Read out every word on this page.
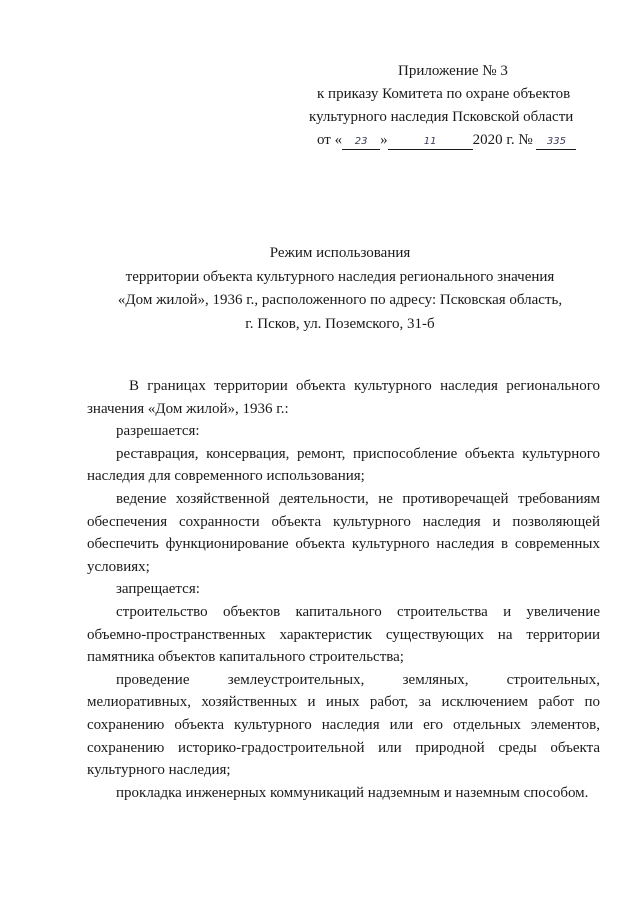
Приложение № 3
к приказу Комитета по охране объектов
культурного наследия Псковской области
от « 23 »	11 2020 г. № 335
Режим использования
территории объекта культурного наследия регионального значения
«Дом жилой», 1936 г., расположенного по адресу: Псковская область,
г. Псков, ул. Поземского, 31-б

В границах территории объекта культурного наследия регионального значения «Дом жилой», 1936 г.:

разрешается:

реставрация, консервация, ремонт, приспособление объекта культурного наследия для современного использования;

ведение хозяйственной деятельности, не противоречащей требованиям обеспечения сохранности объекта культурного наследия и позволяющей обеспечить функционирование объекта культурного наследия в современных условиях;

запрещается:

строительство объектов капитального строительства и увеличение объемно-пространственных характеристик существующих на территории памятника объектов капитального строительства;

проведение землеустроительных, земляных, строительных, мелиоративных, хозяйственных и иных работ, за исключением работ по сохранению объекта культурного наследия или его отдельных элементов, сохранению историко-градостроительной или природной среды объекта культурного наследия;

прокладка инженерных коммуникаций надземным и наземным способом.
